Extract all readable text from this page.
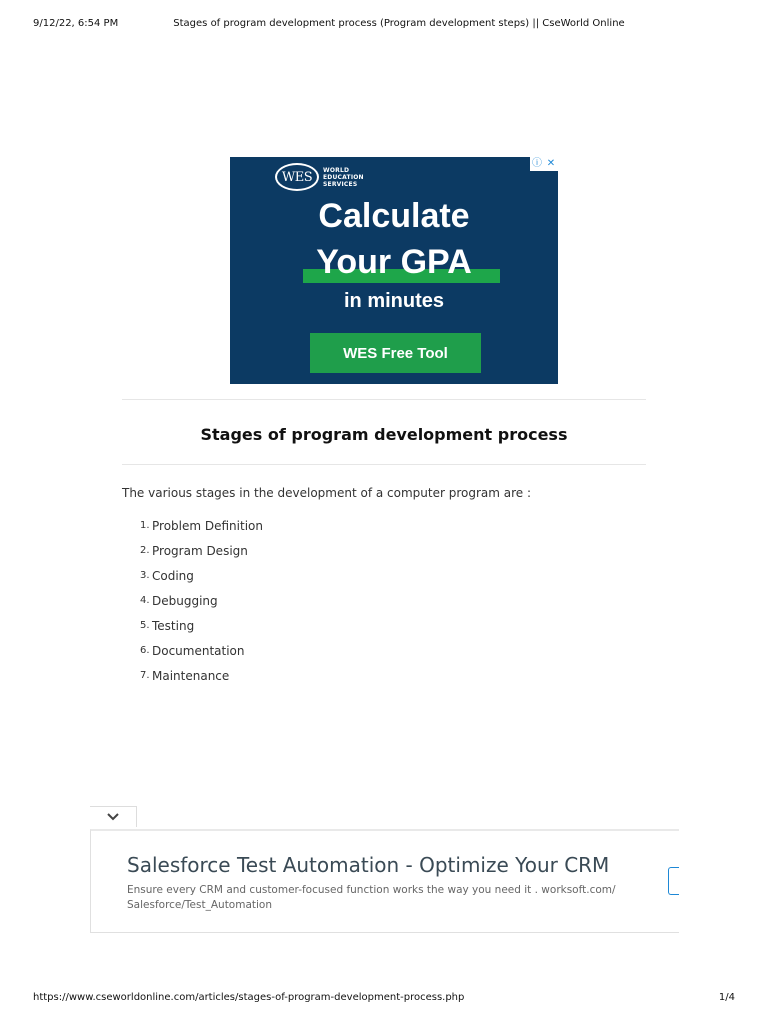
9/12/22, 6:54 PM	Stages of program development process (Program development steps) || CseWorld Online
ⓘ ✕
WES	WORLD
EDUCATION
SERVICES
Calculate
Your GPA
in minutes
WES Free Tool
Stages of program development process

The various stages in the development of a computer program are :

1. Problem Definition
2. Program Design
3. Coding
4. Debugging
5. Testing
6. Documentation
7. Maintenance
Salesforce Test Automation - Optimize Your CRM
Ensure every CRM and customer-focused function works the way you need it . worksoft.com/ Salesforce/Test_Automation
https://www.cseworldonline.com/articles/stages-of-program-development-process.php	1/4
